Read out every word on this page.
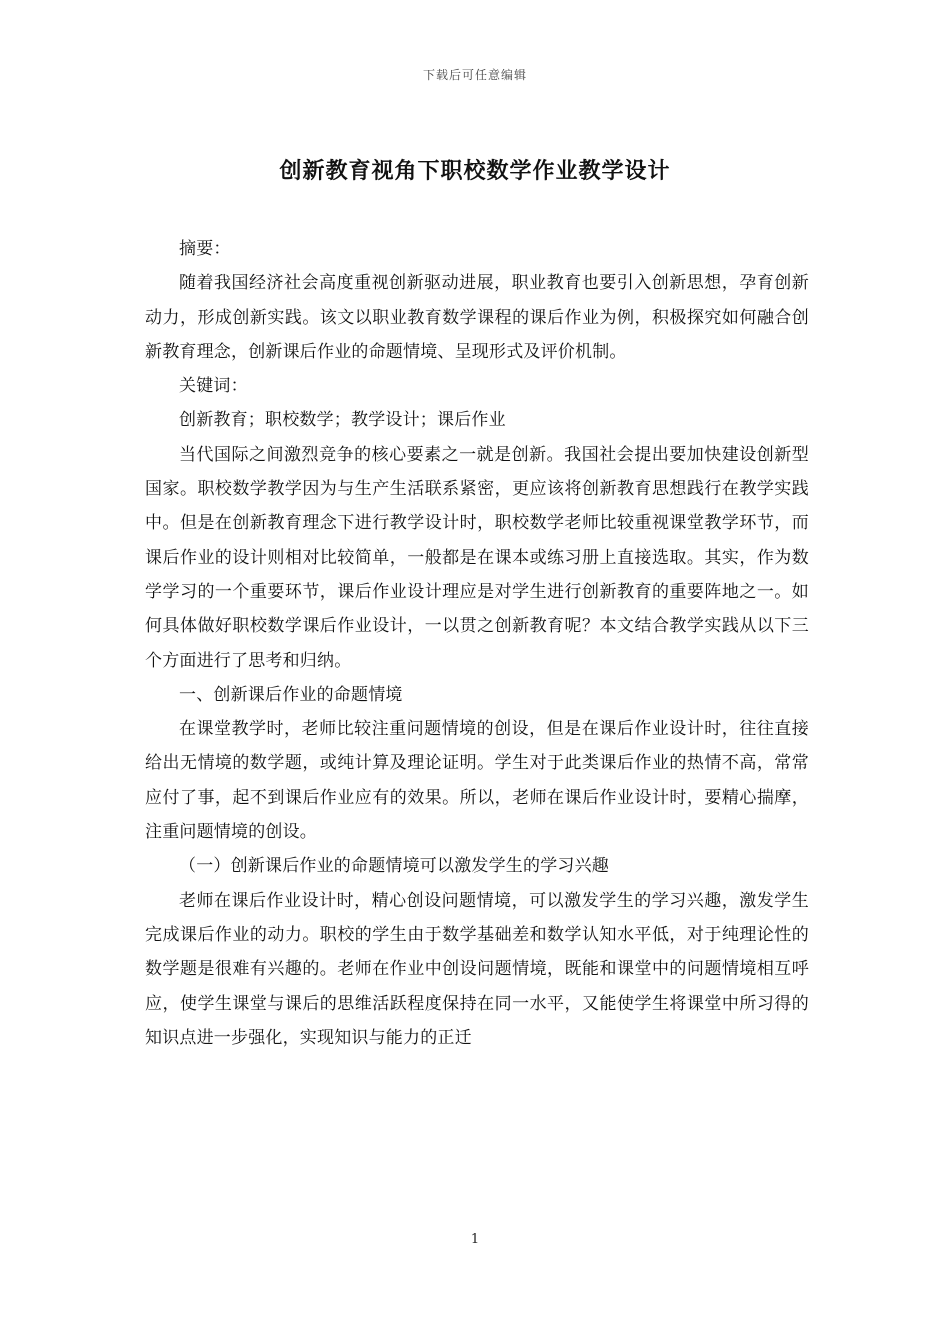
下载后可任意编辑
创新教育视角下职校数学作业教学设计

摘要：

随着我国经济社会高度重视创新驱动进展，职业教育也要引入创新思想，孕育创新动力，形成创新实践。该文以职业教育数学课程的课后作业为例，积极探究如何融合创新教育理念，创新课后作业的命题情境、呈现形式及评价机制。

关键词：

创新教育；职校数学；教学设计；课后作业

当代国际之间激烈竞争的核心要素之一就是创新。我国社会提出要加快建设创新型国家。职校数学教学因为与生产生活联系紧密，更应该将创新教育思想践行在教学实践中。但是在创新教育理念下进行教学设计时，职校数学老师比较重视课堂教学环节，而课后作业的设计则相对比较简单，一般都是在课本或练习册上直接选取。其实，作为数学学习的一个重要环节，课后作业设计理应是对学生进行创新教育的重要阵地之一。如何具体做好职校数学课后作业设计，一以贯之创新教育呢？本文结合教学实践从以下三个方面进行了思考和归纳。

一、创新课后作业的命题情境

在课堂教学时，老师比较注重问题情境的创设，但是在课后作业设计时，往往直接给出无情境的数学题，或纯计算及理论证明。学生对于此类课后作业的热情不高，常常应付了事，起不到课后作业应有的效果。所以，老师在课后作业设计时，要精心揣摩，注重问题情境的创设。

（一）创新课后作业的命题情境可以激发学生的学习兴趣

老师在课后作业设计时，精心创设问题情境，可以激发学生的学习兴趣，激发学生完成课后作业的动力。职校的学生由于数学基础差和数学认知水平低，对于纯理论性的数学题是很难有兴趣的。老师在作业中创设问题情境，既能和课堂中的问题情境相互呼应，使学生课堂与课后的思维活跃程度保持在同一水平，又能使学生将课堂中所习得的知识点进一步强化，实现知识与能力的正迁

1
